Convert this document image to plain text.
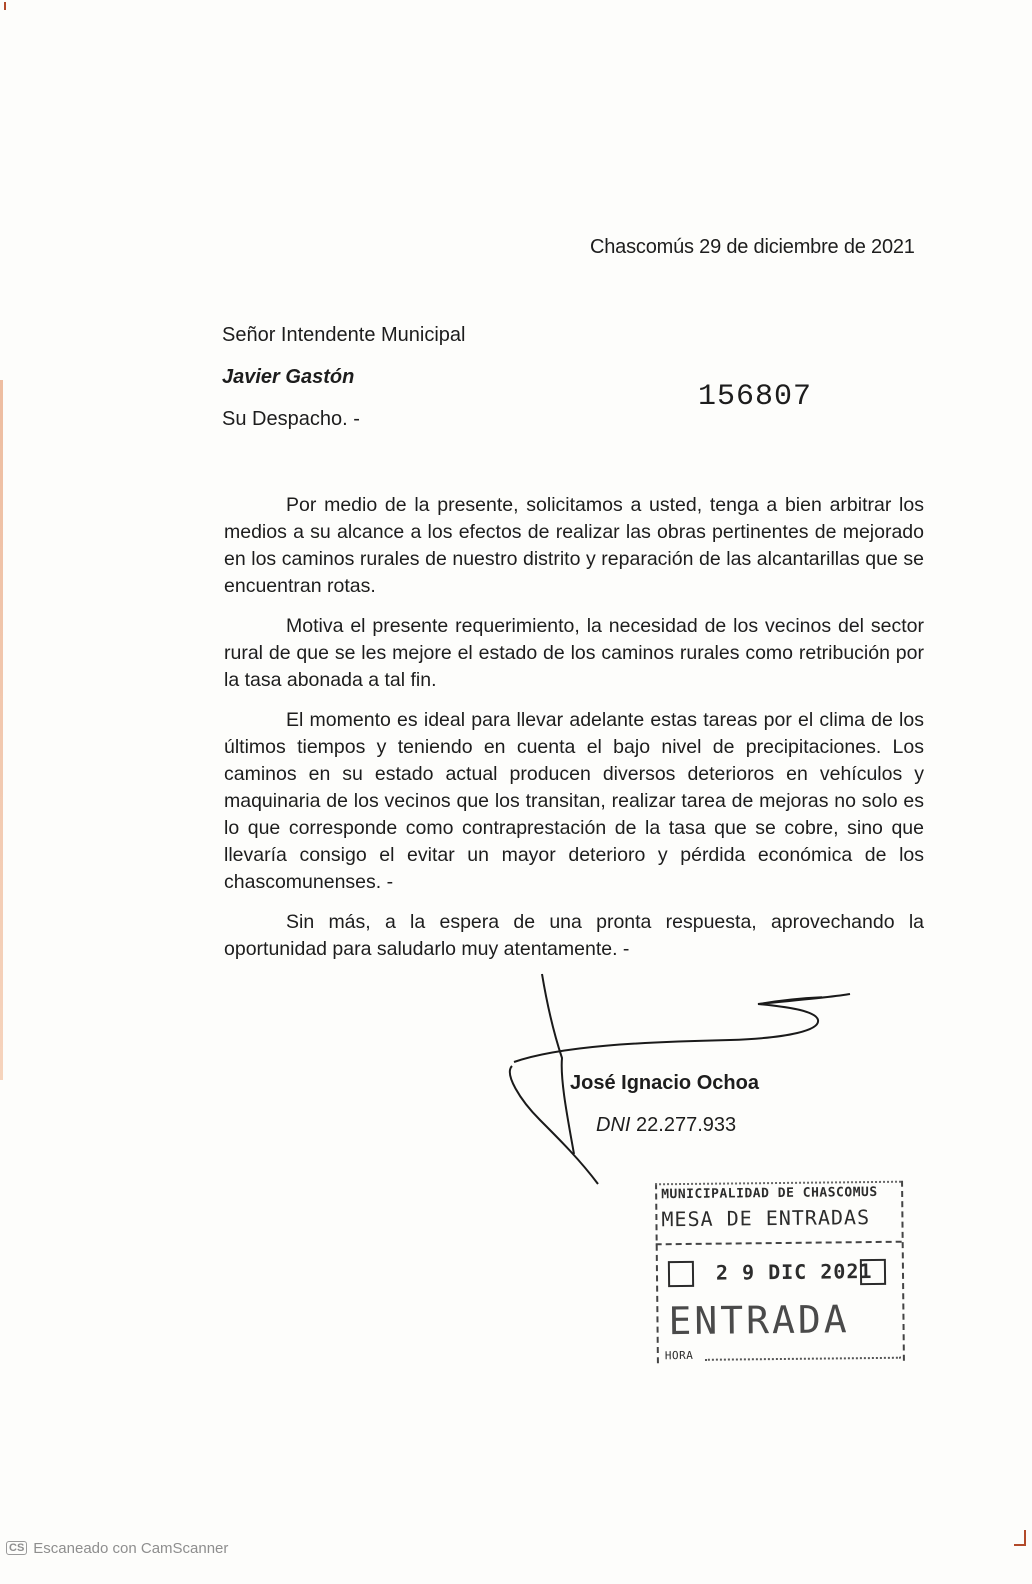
Chascomús 29 de diciembre de 2021
Señor Intendente Municipal
Javier Gastón
Su Despacho. -
156807

Por medio de la presente, solicitamos a usted, tenga a bien arbitrar los medios a su alcance a los efectos de realizar las obras pertinentes de mejorado en los caminos rurales de nuestro distrito y reparación de las alcantarillas que se encuentran rotas.

Motiva el presente requerimiento, la necesidad de los vecinos del sector rural de que se les mejore el estado de los caminos rurales como retribución por la tasa abonada a tal fin.

El momento es ideal para llevar adelante estas tareas por el clima de los últimos tiempos y teniendo en cuenta el bajo nivel de precipitaciones. Los caminos en su estado actual producen diversos deterioros en vehículos y maquinaria de los vecinos que los transitan, realizar tarea de mejoras no solo es lo que corresponde como contraprestación de la tasa que se cobre, sino que llevaría consigo el evitar un mayor deterioro y pérdida económica de los chascomunenses. -

Sin más, a la espera de una pronta respuesta, aprovechando la oportunidad para saludarlo muy atentamente. -

José Ignacio Ochoa
DNI 22.277.933
MUNICIPALIDAD DE CHASCOMUS
MESA DE ENTRADAS
2 9 DIC 2021
ENTRADA
HORA
CS Escaneado con CamScanner
